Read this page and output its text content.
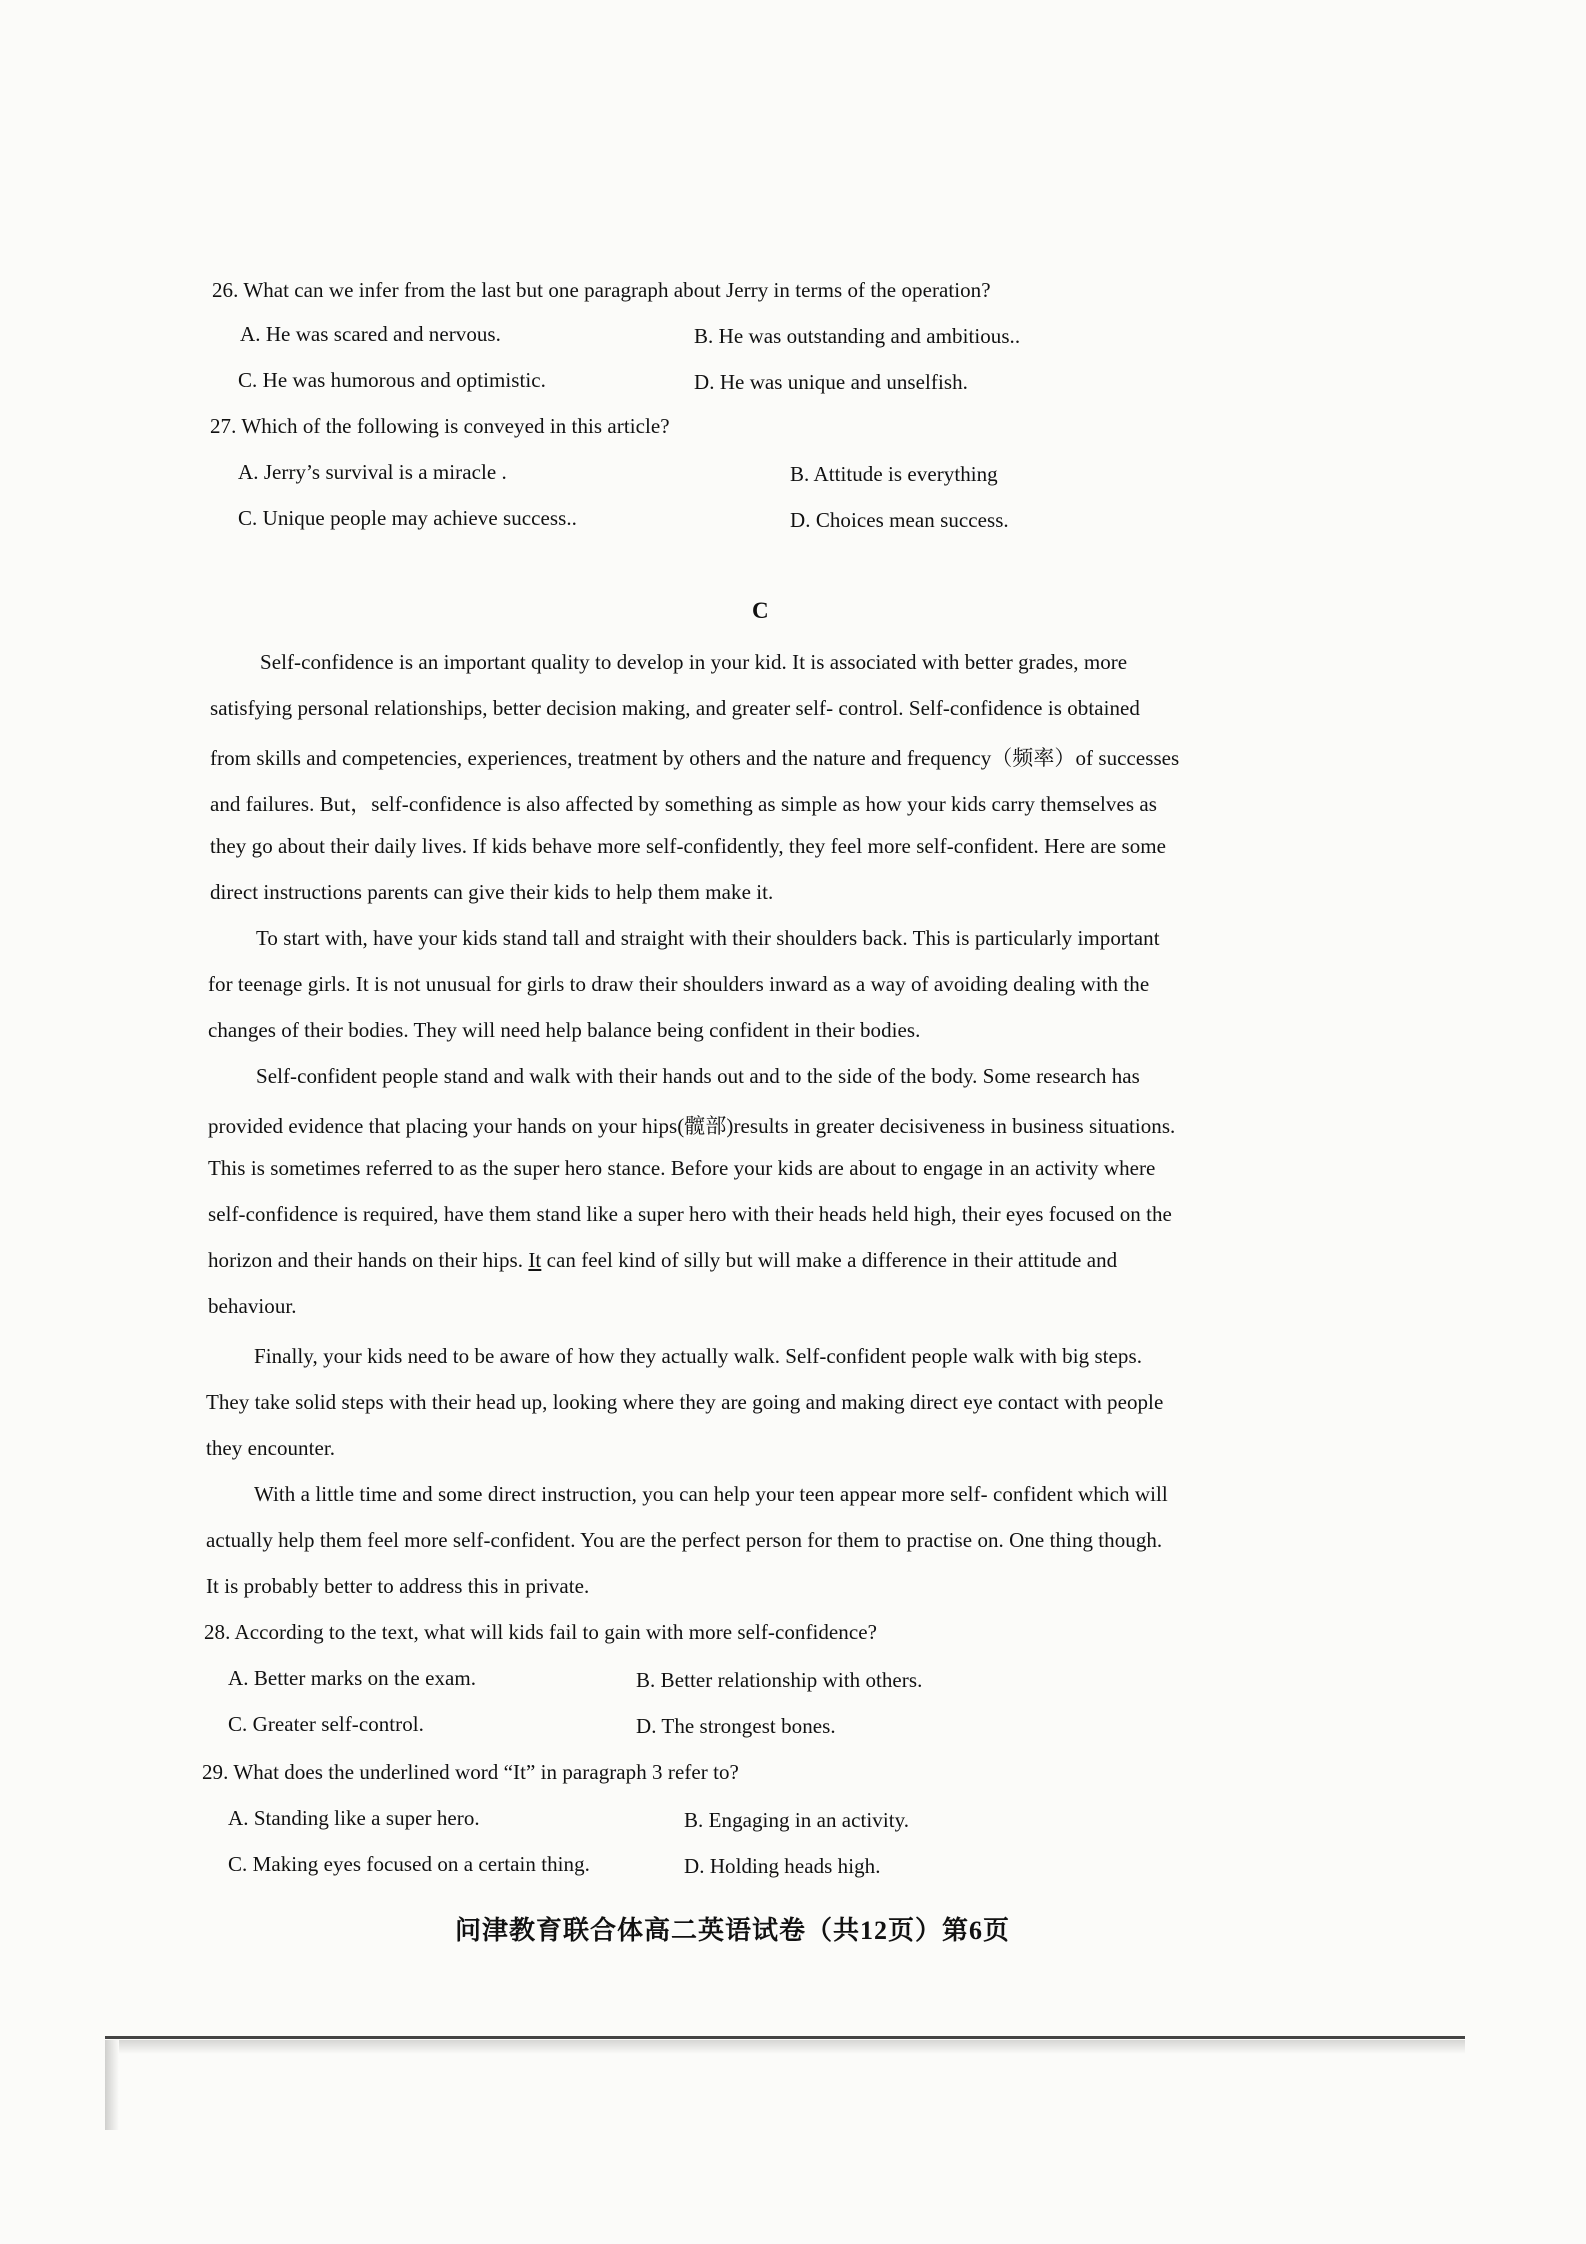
26. What can we infer from the last but one paragraph about Jerry in terms of the operation?
A. He was scared and nervous.	B. He was outstanding and ambitious..
C. He was humorous and optimistic.	D. He was unique and unselfish.
27. Which of the following is conveyed in this article?
A. Jerry’s survival is a miracle .	B. Attitude is everything
C. Unique people may achieve success..	D. Choices mean success.
C
Self-confidence is an important quality to develop in your kid. It is associated with better grades, more
satisfying personal relationships, better decision making, and greater self- control. Self-confidence is obtained
from skills and competencies, experiences, treatment by others and the nature and frequency（频率）of successes
and failures. But，self-confidence is also affected by something as simple as how your kids carry themselves as
they go about their daily lives. If kids behave more self-confidently, they feel more self-confident. Here are some
direct instructions parents can give their kids to help them make it.
To start with, have your kids stand tall and straight with their shoulders back. This is particularly important
for teenage girls. It is not unusual for girls to draw their shoulders inward as a way of avoiding dealing with the
changes of their bodies. They will need help balance being confident in their bodies.
Self-confident people stand and walk with their hands out and to the side of the body. Some research has
provided evidence that placing your hands on your hips(髋部)results in greater decisiveness in business situations.
This is sometimes referred to as the super hero stance. Before your kids are about to engage in an activity where
self-confidence is required, have them stand like a super hero with their heads held high, their eyes focused on the
horizon and their hands on their hips. It can feel kind of silly but will make a difference in their attitude and
behaviour.
Finally, your kids need to be aware of how they actually walk. Self-confident people walk with big steps.
They take solid steps with their head up, looking where they are going and making direct eye contact with people
they encounter.
With a little time and some direct instruction, you can help your teen appear more self- confident which will
actually help them feel more self-confident. You are the perfect person for them to practise on. One thing though.
It is probably better to address this in private.
28. According to the text, what will kids fail to gain with more self-confidence?
A. Better marks on the exam.	B. Better relationship with others.
C. Greater self-control.	D. The strongest bones.
29. What does the underlined word “It” in paragraph 3 refer to?
A. Standing like a super hero.	B. Engaging in an activity.
C. Making eyes focused on a certain thing.	D. Holding heads high.
问津教育联合体高二英语试卷（共12页）第6页
